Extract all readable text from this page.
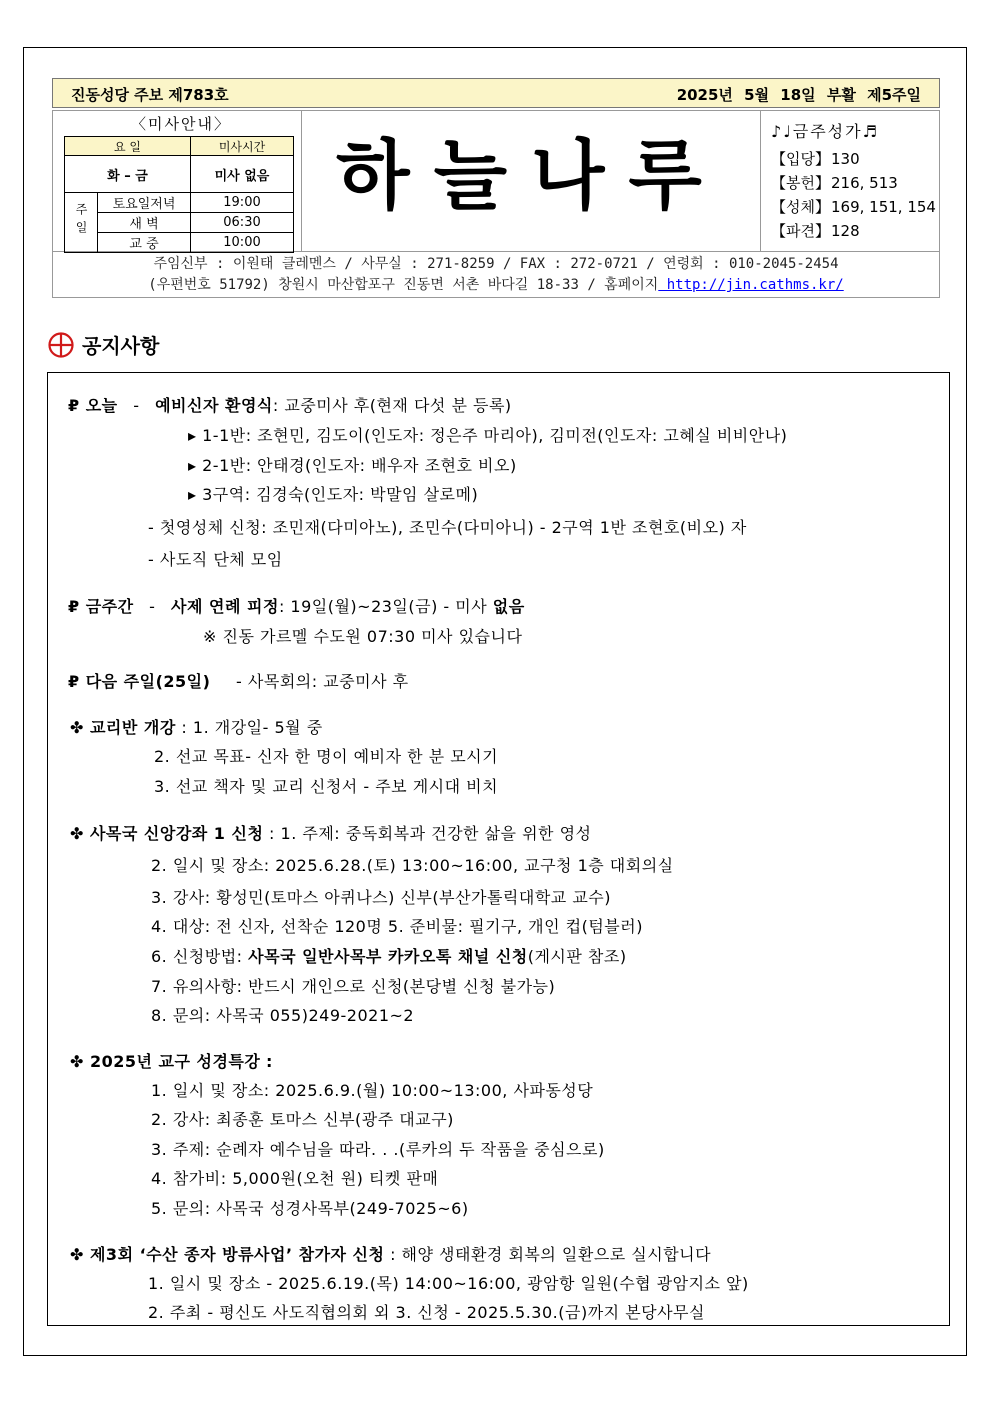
진동성당 주보 제783호	2025년 5월 18일 부활 제5주일
〈미사안내〉
요 일		미사시간
화 – 금		미사 없음
주일	토요일저녁	19:00
	새 벽	06:30
	교 중	10:00
하늘나루	♪♩금주성가♬
【입당】130
【봉헌】216, 513
【성체】169, 151, 154
【파견】128
주임신부 : 이원태 클레멘스 / 사무실 : 271-8259 / FAX : 272-0721 / 연령회 : 010-2045-2454
(우편번호 51792) 창원시 마산합포구 진동면 서촌 바다길 18-33 / 홈페이지 http://jin.cathms.kr/
공지사항
₽ 오늘 - 예비신자 환영식: 교중미사 후(현재 다섯 분 등록)
▸ 1-1반: 조현민, 김도이(인도자: 정은주 마리아), 김미전(인도자: 고혜실 비비안나)
▸ 2-1반: 안태경(인도자: 배우자 조현호 비오)
▸ 3구역: 김경숙(인도자: 박말임 살로메)
- 첫영성체 신청: 조민재(다미아노), 조민수(다미아니) - 2구역 1반 조현호(비오) 자
- 사도직 단체 모임
₽ 금주간 - 사제 연례 피정: 19일(월)~23일(금) - 미사 없음
※ 진동 가르멜 수도원 07:30 미사 있습니다
₽ 다음 주일(25일) - 사목회의: 교중미사 후
✤ 교리반 개강 : 1. 개강일- 5월 중
2. 선교 목표- 신자 한 명이 예비자 한 분 모시기
3. 선교 책자 및 교리 신청서 - 주보 게시대 비치
✤ 사목국 신앙강좌 1 신청 : 1. 주제: 중독회복과 건강한 삶을 위한 영성
2. 일시 및 장소: 2025.6.28.(토) 13:00~16:00, 교구청 1층 대회의실
3. 강사: 황성민(토마스 아퀴나스) 신부(부산가톨릭대학교 교수)
4. 대상: 전 신자, 선착순 120명 5. 준비물: 필기구, 개인 컵(텀블러)
6. 신청방법: 사목국 일반사목부 카카오톡 채널 신청(게시판 참조)
7. 유의사항: 반드시 개인으로 신청(본당별 신청 불가능)
8. 문의: 사목국 055)249-2021~2
✤ 2025년 교구 성경특강 :
1. 일시 및 장소: 2025.6.9.(월) 10:00~13:00, 사파동성당
2. 강사: 최종훈 토마스 신부(광주 대교구)
3. 주제: 순례자 예수님을 따라. . .(루카의 두 작품을 중심으로)
4. 참가비: 5,000원(오천 원) 티켓 판매
5. 문의: 사목국 성경사목부(249-7025~6)
✤ 제3회 ‘수산 종자 방류사업’ 참가자 신청 : 해양 생태환경 회복의 일환으로 실시합니다
1. 일시 및 장소 - 2025.6.19.(목) 14:00~16:00, 광암항 일원(수협 광암지소 앞)
2. 주최 - 평신도 사도직협의회 외 3. 신청 - 2025.5.30.(금)까지 본당사무실
